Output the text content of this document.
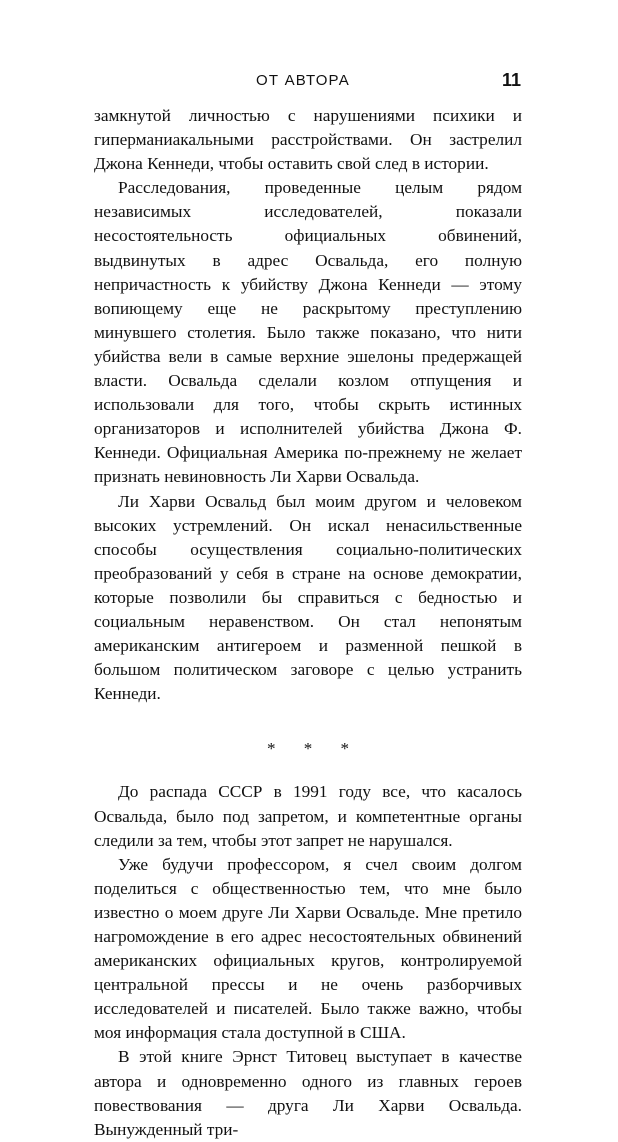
ОТ АВТОРА	11

замкнутой личностью с нарушениями психики и гиперманиакальными расстройствами. Он застрелил Джона Кеннеди, чтобы оставить свой след в истории.

Расследования, проведенные целым рядом независимых исследователей, показали несостоятельность официальных обвинений, выдвинутых в адрес Освальда, его полную непричастность к убийству Джона Кеннеди — этому вопиющему еще не раскрытому преступлению минувшего столетия. Было также показано, что нити убийства вели в самые верхние эшелоны предержащей власти. Освальда сделали козлом отпущения и использовали для того, чтобы скрыть истинных организаторов и исполнителей убийства Джона Ф. Кеннеди. Официальная Америка по-прежнему не желает признать невиновность Ли Харви Освальда.

Ли Харви Освальд был моим другом и человеком высоких устремлений. Он искал ненасильственные способы осуществления социально-политических преобразований у себя в стране на основе демократии, которые позволили бы справиться с бедностью и социальным неравенством. Он стал непонятым американским антигероем и разменной пешкой в большом политическом заговоре с целью устранить Кеннеди.

* * *

До распада СССР в 1991 году все, что касалось Освальда, было под запретом, и компетентные органы следили за тем, чтобы этот запрет не нарушался.

Уже будучи профессором, я счел своим долгом поделиться с общественностью тем, что мне было известно о моем друге Ли Харви Освальде. Мне претило нагромождение в его адрес несостоятельных обвинений американских официальных кругов, контролируемой центральной прессы и не очень разборчивых исследователей и писателей. Было также важно, чтобы моя информация стала доступной в США.

В этой книге Эрнст Титовец выступает в качестве автора и одновременно одного из главных героев повествования — друга Ли Харви Освальда. Вынужденный три-
